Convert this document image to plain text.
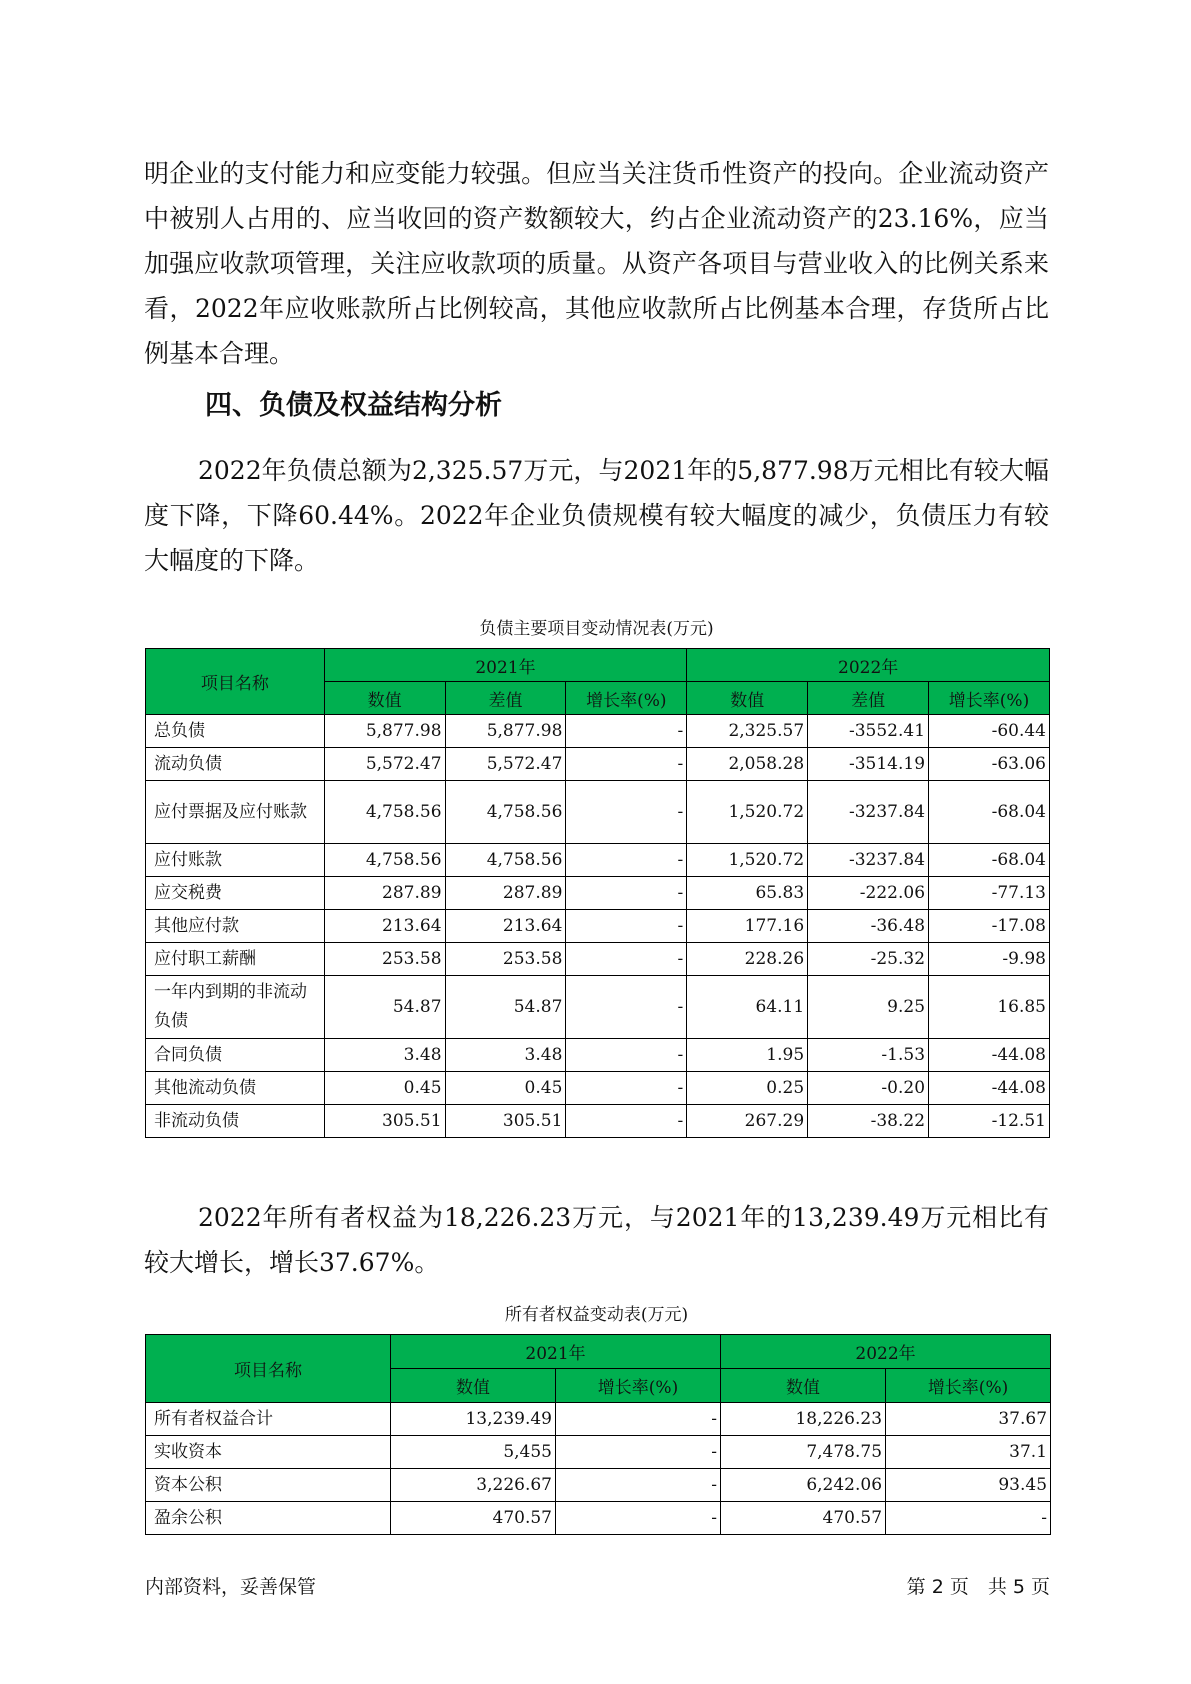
明企业的支付能力和应变能力较强。但应当关注货币性资产的投向。企业流动资产中被别人占用的、应当收回的资产数额较大，约占企业流动资产的23.16%，应当加强应收款项管理，关注应收款项的质量。从资产各项目与营业收入的比例关系来看，2022年应收账款所占比例较高，其他应收款所占比例基本合理，存货所占比例基本合理。

四、负债及权益结构分析

2022年负债总额为2,325.57万元，与2021年的5,877.98万元相比有较大幅度下降，下降60.44%。2022年企业负债规模有较大幅度的减少，负债压力有较大幅度的下降。

负债主要项目变动情况表(万元)
项目名称	2021年			2022年		
	数值	差值	增长率(%)	数值	差值	增长率(%)
总负债	5,877.98	5,877.98	-	2,325.57	-3552.41	-60.44
流动负债	5,572.47	5,572.47	-	2,058.28	-3514.19	-63.06
应付票据及应付账款	4,758.56	4,758.56	-	1,520.72	-3237.84	-68.04
应付账款	4,758.56	4,758.56	-	1,520.72	-3237.84	-68.04
应交税费	287.89	287.89	-	65.83	-222.06	-77.13
其他应付款	213.64	213.64	-	177.16	-36.48	-17.08
应付职工薪酬	253.58	253.58	-	228.26	-25.32	-9.98
一年内到期的非流动负债	54.87	54.87	-	64.11	9.25	16.85
合同负债	3.48	3.48	-	1.95	-1.53	-44.08
其他流动负债	0.45	0.45	-	0.25	-0.20	-44.08
非流动负债	305.51	305.51	-	267.29	-38.22	-12.51

2022年所有者权益为18,226.23万元，与2021年的13,239.49万元相比有较大增长，增长37.67%。

所有者权益变动表(万元)
项目名称	2021年		2022年	
	数值	增长率(%)	数值	增长率(%)
所有者权益合计	13,239.49	-	18,226.23	37.67
实收资本	5,455	-	7,478.75	37.1
资本公积	3,226.67	-	6,242.06	93.45
盈余公积	470.57	-	470.57	-
内部资料，妥善保管	第 2 页　共 5 页
